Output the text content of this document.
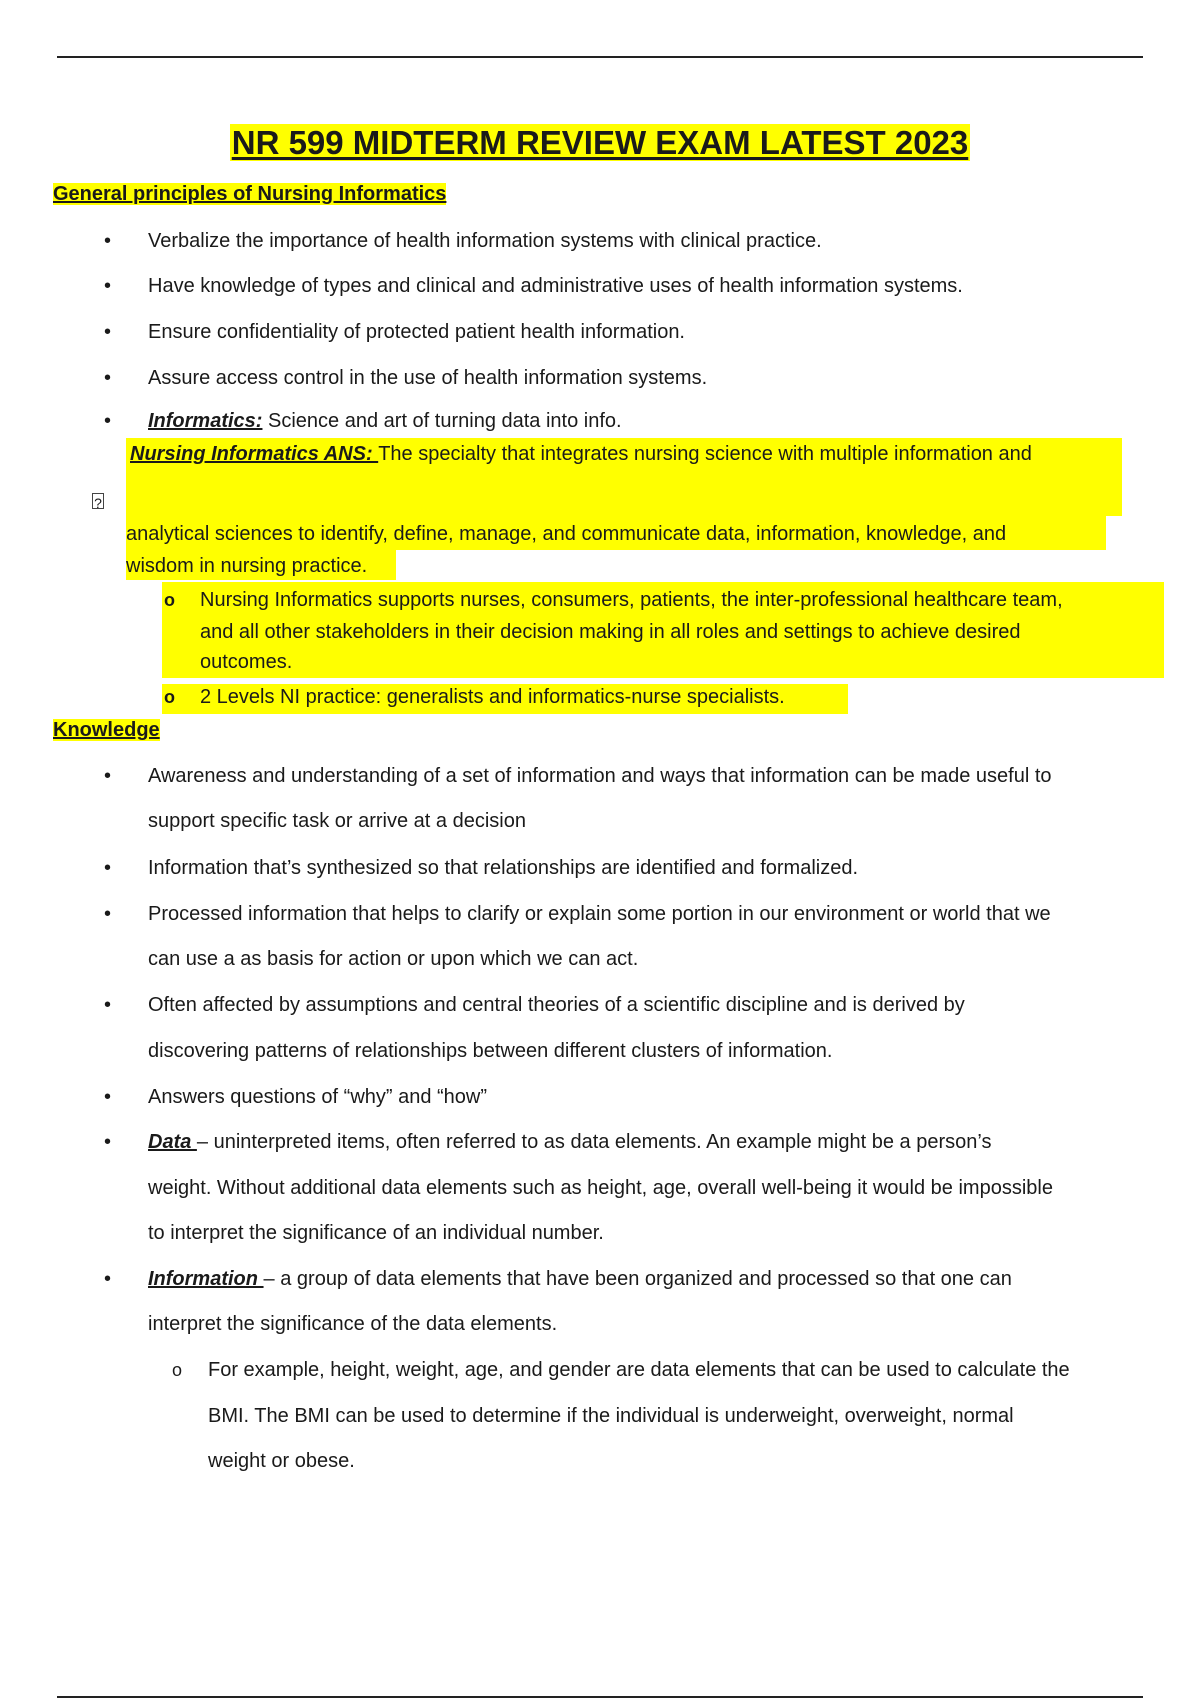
NR 599 MIDTERM REVIEW EXAM LATEST 2023
General principles of Nursing Informatics
• Verbalize the importance of health information systems with clinical practice.
• Have knowledge of types and clinical and administrative uses of health information systems.
• Ensure confidentiality of protected patient health information.
• Assure access control in the use of health information systems.
• Informatics: Science and art of turning data into info.
Nursing Informatics ANS: The specialty that integrates nursing science with multiple information and
?
analytical sciences to identify, define, manage, and communicate data, information, knowledge, and
wisdom in nursing practice.
o Nursing Informatics supports nurses, consumers, patients, the inter-professional healthcare team,
and all other stakeholders in their decision making in all roles and settings to achieve desired
outcomes.
o 2 Levels NI practice: generalists and informatics-nurse specialists.
Knowledge
• Awareness and understanding of a set of information and ways that information can be made useful to
support specific task or arrive at a decision
• Information that’s synthesized so that relationships are identified and formalized.
• Processed information that helps to clarify or explain some portion in our environment or world that we
can use a as basis for action or upon which we can act.
• Often affected by assumptions and central theories of a scientific discipline and is derived by
discovering patterns of relationships between different clusters of information.
• Answers questions of “why” and “how”
• Data – uninterpreted items, often referred to as data elements. An example might be a person’s
weight. Without additional data elements such as height, age, overall well-being it would be impossible
to interpret the significance of an individual number.
• Information – a group of data elements that have been organized and processed so that one can
interpret the significance of the data elements.
o For example, height, weight, age, and gender are data elements that can be used to calculate the
BMI. The BMI can be used to determine if the individual is underweight, overweight, normal
weight or obese.
